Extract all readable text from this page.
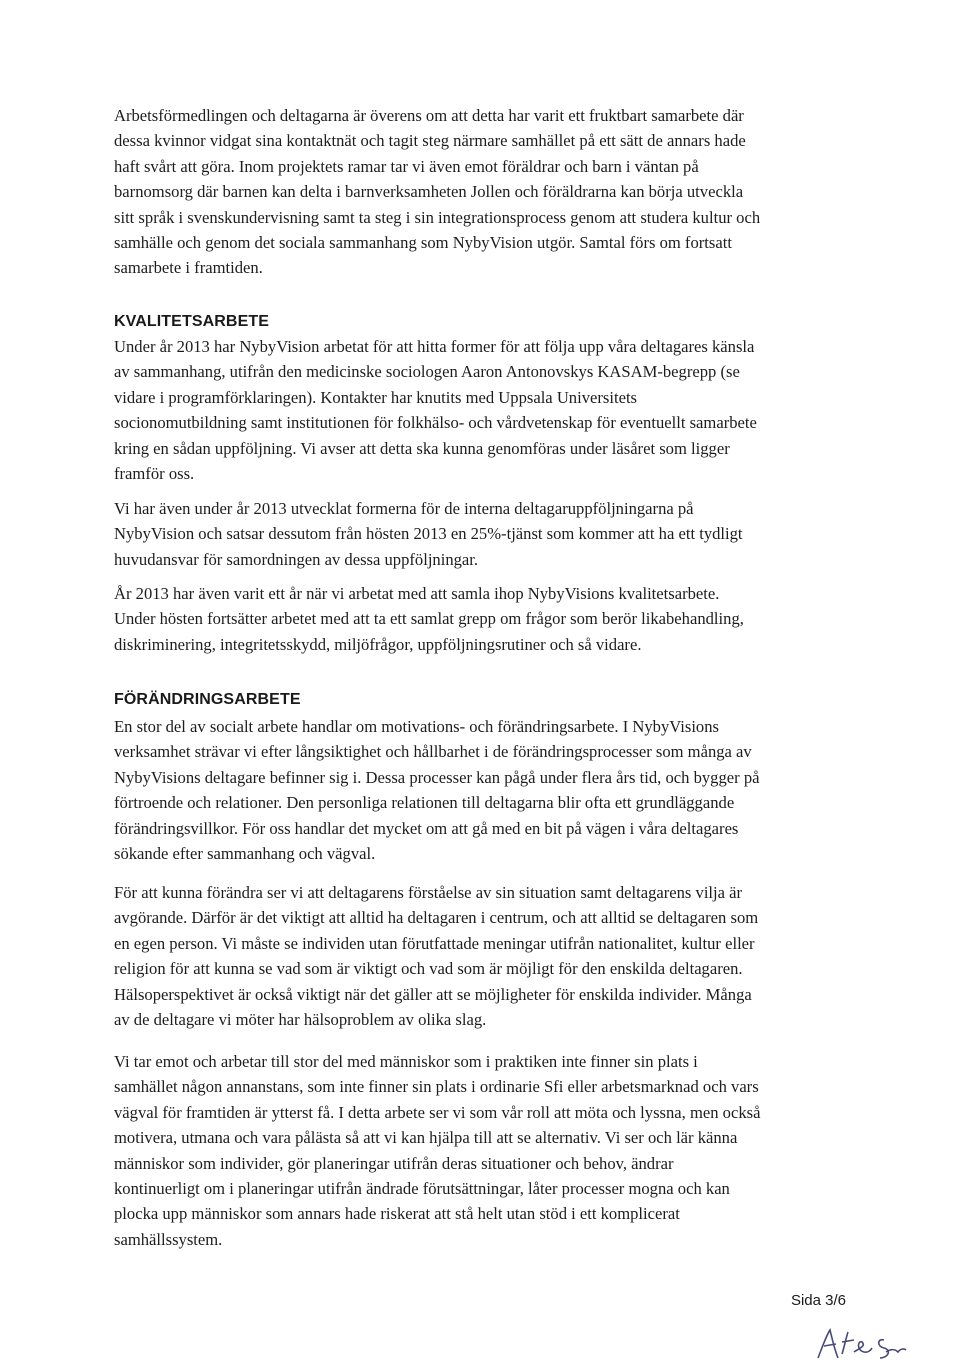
Arbetsförmedlingen och deltagarna är överens om att detta har varit ett fruktbart samarbete där
dessa kvinnor vidgat sina kontaktnät och tagit steg närmare samhället på ett sätt de annars hade
haft svårt att göra. Inom projektets ramar tar vi även emot föräldrar och barn i väntan på
barnomsorg där barnen kan delta i barnverksamheten Jollen och föräldrarna kan börja utveckla
sitt språk i svenskundervisning samt ta steg i sin integrationsprocess genom att studera kultur och
samhälle och genom det sociala sammanhang som NybyVision utgör. Samtal förs om fortsatt
samarbete i framtiden.
KVALITETSARBETE
Under år 2013 har NybyVision arbetat för att hitta former för att följa upp våra deltagares känsla
av sammanhang, utifrån den medicinske sociologen Aaron Antonovskys KASAM-begrepp (se
vidare i programförklaringen). Kontakter har knutits med Uppsala Universitets
socionomutbildning samt institutionen för folkhälso- och vårdvetenskap för eventuellt samarbete
kring en sådan uppföljning. Vi avser att detta ska kunna genomföras under läsåret som ligger
framför oss.
Vi har även under år 2013 utvecklat formerna för de interna deltagaruppföljningarna på
NybyVision och satsar dessutom från hösten 2013 en 25%-tjänst som kommer att ha ett tydligt
huvudansvar för samordningen av dessa uppföljningar.
År 2013 har även varit ett år när vi arbetat med att samla ihop NybyVisions kvalitetsarbete.
Under hösten fortsätter arbetet med att ta ett samlat grepp om frågor som berör likabehandling,
diskriminering, integritetsskydd, miljöfrågor, uppföljningsrutiner och så vidare.
FÖRÄNDRINGSARBETE
En stor del av socialt arbete handlar om motivations- och förändringsarbete. I NybyVisions
verksamhet strävar vi efter långsiktighet och hållbarhet i de förändringsprocesser som många av
NybyVisions deltagare befinner sig i. Dessa processer kan pågå under flera års tid, och bygger på
förtroende och relationer. Den personliga relationen till deltagarna blir ofta ett grundläggande
förändringsvillkor. För oss handlar det mycket om att gå med en bit på vägen i våra deltagares
sökande efter sammanhang och vägval.
För att kunna förändra ser vi att deltagarens förståelse av sin situation samt deltagarens vilja är
avgörande. Därför är det viktigt att alltid ha deltagaren i centrum, och att alltid se deltagaren som
en egen person. Vi måste se individen utan förutfattade meningar utifrån nationalitet, kultur eller
religion för att kunna se vad som är viktigt och vad som är möjligt för den enskilda deltagaren.
Hälsoperspektivet är också viktigt när det gäller att se möjligheter för enskilda individer. Många
av de deltagare vi möter har hälsoproblem av olika slag.
Vi tar emot och arbetar till stor del med människor som i praktiken inte finner sin plats i
samhället någon annanstans, som inte finner sin plats i ordinarie Sfi eller arbetsmarknad och vars
vägval för framtiden är ytterst få. I detta arbete ser vi som vår roll att möta och lyssna, men också
motivera, utmana och vara pålästa så att vi kan hjälpa till att se alternativ. Vi ser och lär känna
människor som individer, gör planeringar utifrån deras situationer och behov, ändrar
kontinuerligt om i planeringar utifrån ändrade förutsättningar, låter processer mogna och kan
plocka upp människor som annars hade riskerat att stå helt utan stöd i ett komplicerat
samhällssystem.
Sida 3/6
